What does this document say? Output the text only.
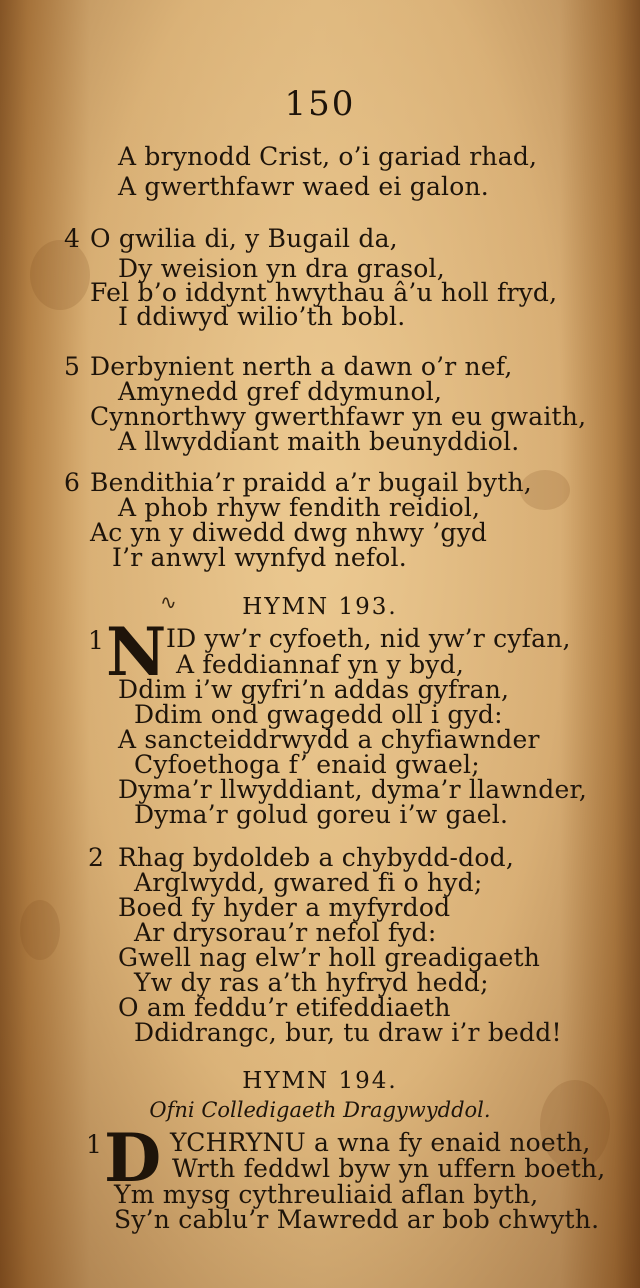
150
A brynodd Crist, o’i gariad rhad,
A gwerthfawr waed ei galon.
4 O gwilia di, y Bugail da,
Dy weision yn dra grasol,
Fel b’o iddynt hwythau â’u holl fryd,
I ddiwyd wilio’th bobl.
5 Derbynient nerth a dawn o’r nef,
Amynedd gref ddymunol,
Cynnorthwy gwerthfawr yn eu gwaith,
A llwyddiant maith beunyddiol.
6 Bendithia’r praidd a’r bugail byth,
A phob rhyw fendith reidiol,
Ac yn y diwedd dwg nhwy ’gyd
I’r anwyl wynfyd nefol.
∿	HYMN 193.
1 N ID yw’r cyfoeth, nid yw’r cyfan,
A feddiannaf yn y byd,
Ddim i’w gyfri’n addas gyfran,
Ddim ond gwagedd oll i gyd:
A sancteiddrwydd a chyfiawnder
Cyfoethoga f’ enaid gwael;
Dyma’r llwyddiant, dyma’r llawnder,
Dyma’r golud goreu i’w gael.
2 Rhag bydoldeb a chybydd-dod,
Arglwydd, gwared fi o hyd;
Boed fy hyder a myfyrdod
Ar drysorau’r nefol fyd:
Gwell nag elw’r holl greadigaeth
Yw dy ras a’th hyfryd hedd;
O am feddu’r etifeddiaeth
Ddidrangc, bur, tu draw i’r bedd!
HYMN 194.
Ofni Colledigaeth Dragywyddol.
1 D YCHRYNU a wna fy enaid noeth,
Wrth feddwl byw yn uffern boeth,
Ym mysg cythreuliaid aflan byth,
Sy’n cablu’r Mawredd ar bob chwyth.
